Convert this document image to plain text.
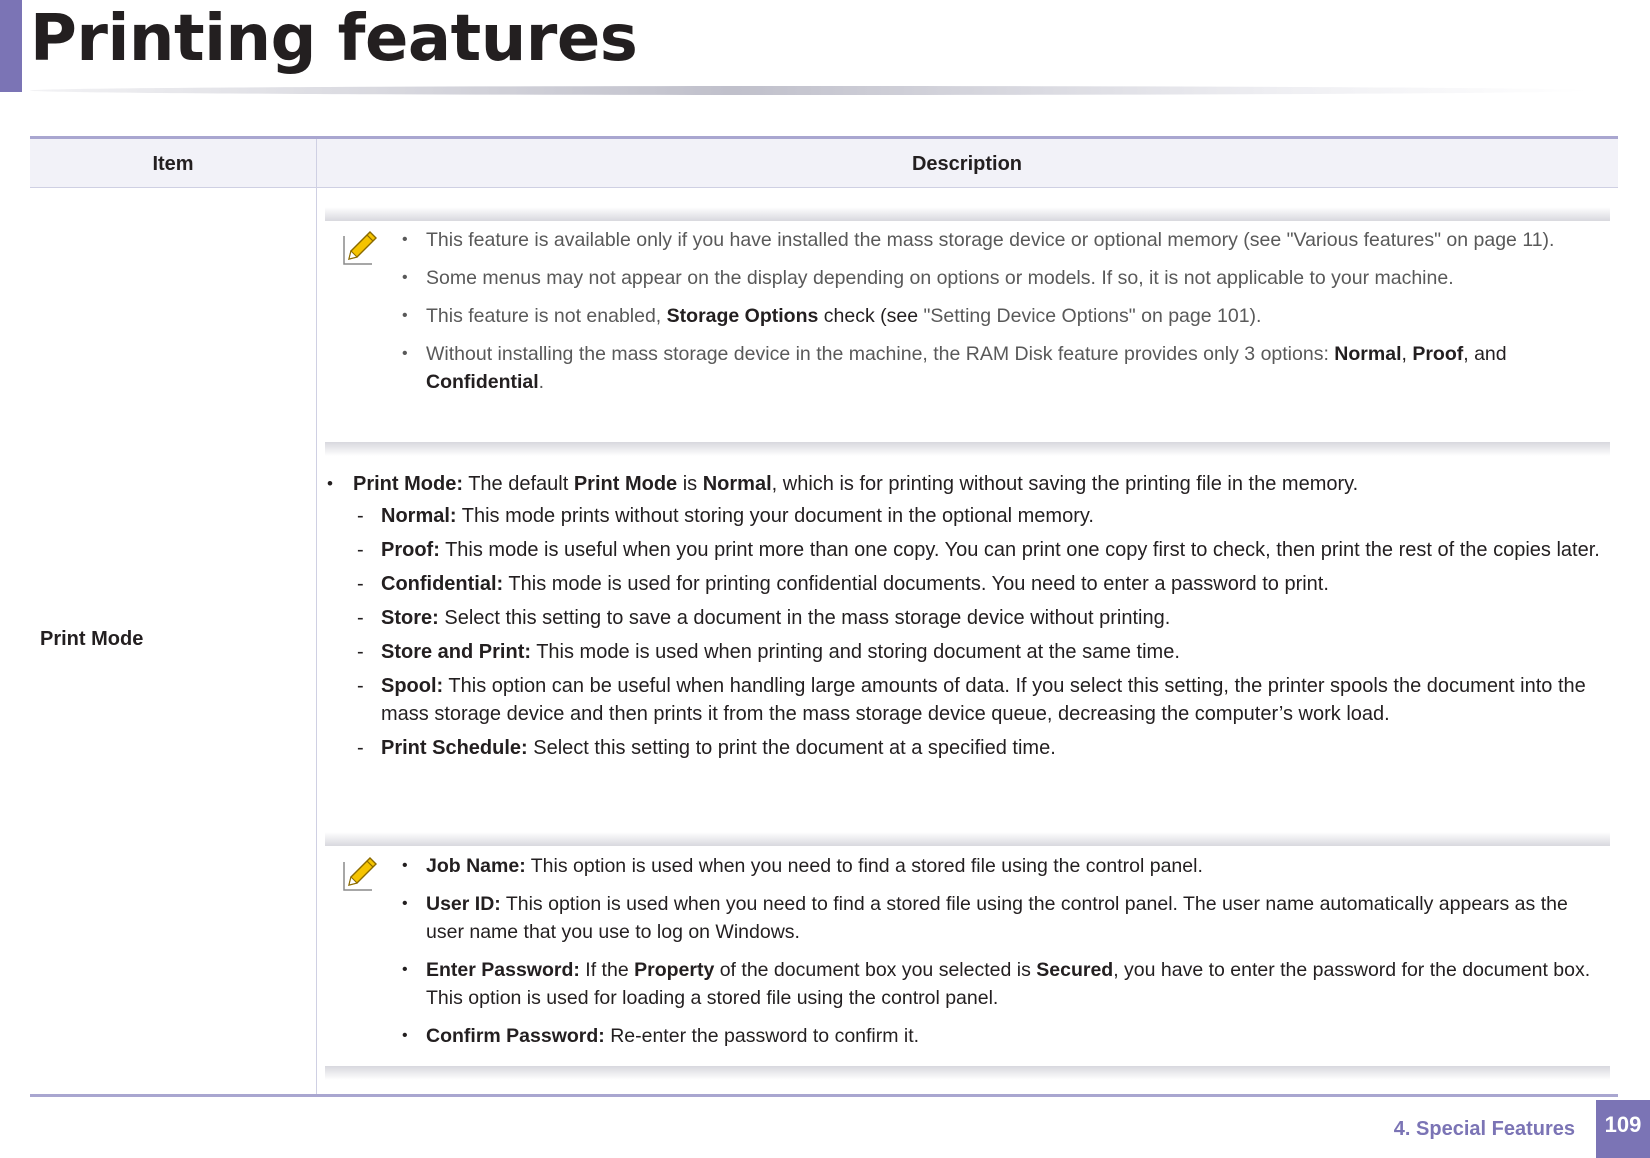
Printing features
Item	Description
Print Mode
• This feature is available only if you have installed the mass storage device or optional memory (see "Various features" on page 11).
• Some menus may not appear on the display depending on options or models. If so, it is not applicable to your machine.
• This feature is not enabled, Storage Options check (see "Setting Device Options" on page 101).
• Without installing the mass storage device in the machine, the RAM Disk feature provides only 3 options: Normal, Proof, and
Confidential.
• Print Mode: The default Print Mode is Normal, which is for printing without saving the printing file in the memory.
- Normal: This mode prints without storing your document in the optional memory.
- Proof: This mode is useful when you print more than one copy. You can print one copy first to check, then print the rest of the copies later.
- Confidential: This mode is used for printing confidential documents. You need to enter a password to print.
- Store: Select this setting to save a document in the mass storage device without printing.
- Store and Print: This mode is used when printing and storing document at the same time.
- Spool: This option can be useful when handling large amounts of data. If you select this setting, the printer spools the document into the mass storage device and then prints it from the mass storage device queue, decreasing the computer’s work load.
- Print Schedule: Select this setting to print the document at a specified time.
• Job Name: This option is used when you need to find a stored file using the control panel.
• User ID: This option is used when you need to find a stored file using the control panel. The user name automatically appears as the user name that you use to log on Windows.
• Enter Password: If the Property of the document box you selected is Secured, you have to enter the password for the document box. This option is used for loading a stored file using the control panel.
• Confirm Password: Re-enter the password to confirm it.
4. Special Features	109
